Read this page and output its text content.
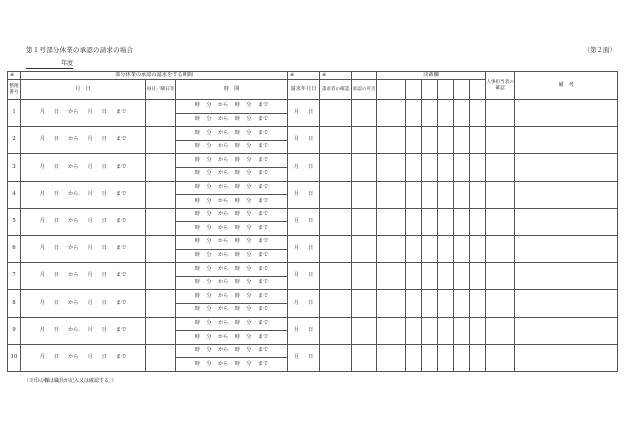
第１号部分休業の承認の請求の場合	（第２面）
年度
※	部分休業の承認の請求をする期間			※	※		決裁欄						人事担当者の確認	備　考
整理番号	月　日	毎日／曜日等	時　間	請求年月日	請求者の確認	承認の可否								
1	月 日 から 月 日 まで		時 分 から 時 分 まで	月 日										
			時 分 から 時 分 まで											
2	月 日 から 月 日 まで		時 分 から 時 分 まで	月 日										
			時 分 から 時 分 まで											
3	月 日 から 月 日 まで		時 分 から 時 分 まで	月 日										
			時 分 から 時 分 まで											
4	月 日 から 月 日 まで		時 分 から 時 分 まで	月 日										
			時 分 から 時 分 まで											
5	月 日 から 月 日 まで		時 分 から 時 分 まで	月 日										
			時 分 から 時 分 まで											
6	月 日 から 月 日 まで		時 分 から 時 分 まで	月 日										
			時 分 から 時 分 まで											
7	月 日 から 月 日 まで		時 分 から 時 分 まで	月 日										
			時 分 から 時 分 まで											
8	月 日 から 月 日 まで		時 分 から 時 分 まで	月 日										
			時 分 から 時 分 まで											
9	月 日 から 月 日 まで		時 分 から 時 分 まで	月 日										
			時 分 から 時 分 まで											
10	月 日 から 月 日 まで		時 分 から 時 分 まで	月 日										
			時 分 から 時 分 まで											
（※印の欄は職員が記入又は確認する。）
